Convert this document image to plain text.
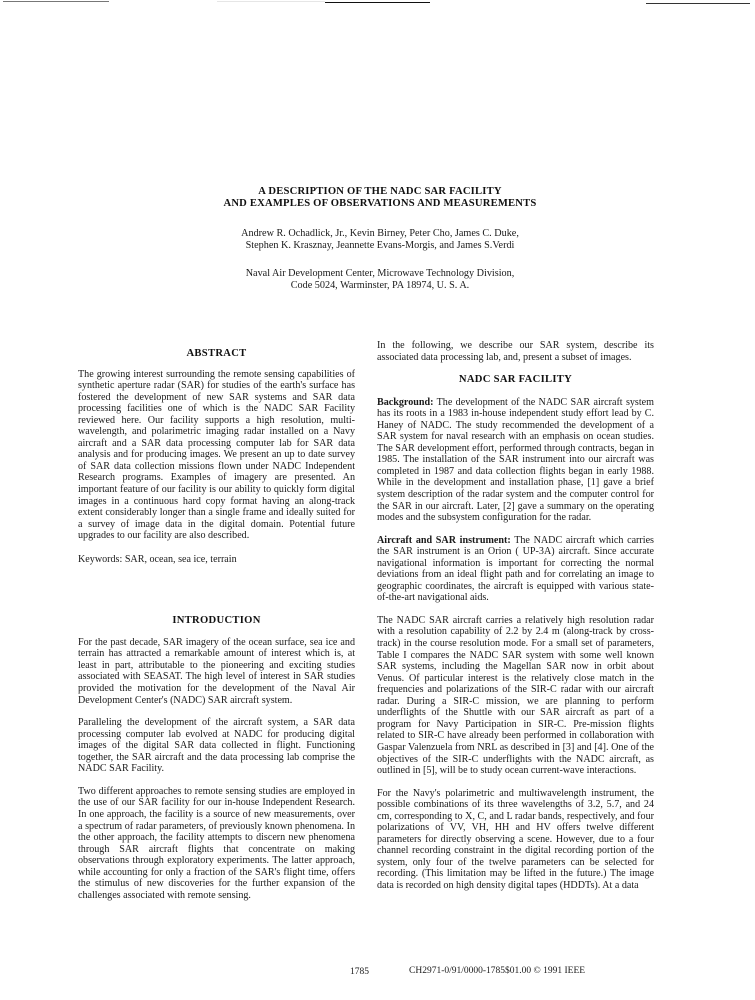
A DESCRIPTION OF THE NADC SAR FACILITY
AND EXAMPLES OF OBSERVATIONS AND MEASUREMENTS
Andrew R. Ochadlick, Jr., Kevin Birney, Peter Cho, James C. Duke,
Stephen K. Krasznay, Jeannette Evans-Morgis, and James S.Verdi
Naval Air Development Center, Microwave Technology Division,
Code 5024, Warminster, PA 18974, U. S. A.
ABSTRACT

The growing interest surrounding the remote sensing capabilities of synthetic aperture radar (SAR) for studies of the earth's surface has fostered the development of new SAR systems and SAR data processing facilities one of which is the NADC SAR Facility reviewed here. Our facility supports a high resolution, multi-wavelength, and polarimetric imaging radar installed on a Navy aircraft and a SAR data processing computer lab for SAR data analysis and for producing images. We present an up to date survey of SAR data collection missions flown under NADC Independent Research programs. Examples of imagery are presented. An important feature of our facility is our ability to quickly form digital images in a continuous hard copy format having an along-track extent considerably longer than a single frame and ideally suited for a survey of image data in the digital domain. Potential future upgrades to our facility are also described.

Keywords: SAR, ocean, sea ice, terrain

INTRODUCTION

For the past decade, SAR imagery of the ocean surface, sea ice and terrain has attracted a remarkable amount of interest which is, at least in part, attributable to the pioneering and exciting studies associated with SEASAT. The high level of interest in SAR studies provided the motivation for the development of the Naval Air Development Center's (NADC) SAR aircraft system.

Paralleling the development of the aircraft system, a SAR data processing computer lab evolved at NADC for producing digital images of the digital SAR data collected in flight. Functioning together, the SAR aircraft and the data processing lab comprise the NADC SAR Facility.

Two different approaches to remote sensing studies are employed in the use of our SAR facility for our in-house Independent Research. In one approach, the facility is a source of new measurements, over a spectrum of radar parameters, of previously known phenomena. In the other approach, the facility attempts to discern new phenomena through SAR aircraft flights that concentrate on making observations through exploratory experiments. The latter approach, while accounting for only a fraction of the SAR's flight time, offers the stimulus of new discoveries for the further expansion of the challenges associated with remote sensing.

In the following, we describe our SAR system, describe its associated data processing lab, and, present a subset of images.

NADC SAR FACILITY

Background: The development of the NADC SAR aircraft system has its roots in a 1983 in-house independent study effort lead by C. Haney of NADC. The study recommended the development of a SAR system for naval research with an emphasis on ocean studies. The SAR development effort, performed through contracts, began in 1985. The installation of the SAR instrument into our aircraft was completed in 1987 and data collection flights began in early 1988. While in the development and installation phase, [1] gave a brief system description of the radar system and the computer control for the SAR in our aircraft. Later, [2] gave a summary on the operating modes and the subsystem configuration for the radar.

Aircraft and SAR instrument: The NADC aircraft which carries the SAR instrument is an Orion ( UP-3A) aircraft. Since accurate navigational information is important for correcting the normal deviations from an ideal flight path and for correlating an image to geographic coordinates, the aircraft is equipped with various state-of-the-art navigational aids.

The NADC SAR aircraft carries a relatively high resolution radar with a resolution capability of 2.2 by 2.4 m (along-track by cross-track) in the course resolution mode. For a small set of parameters, Table I compares the NADC SAR system with some well known SAR systems, including the Magellan SAR now in orbit about Venus. Of particular interest is the relatively close match in the frequencies and polarizations of the SIR-C radar with our aircraft radar. During a SIR-C mission, we are planning to perform underflights of the Shuttle with our SAR aircraft as part of a program for Navy Participation in SIR-C. Pre-mission flights related to SIR-C have already been performed in collaboration with Gaspar Valenzuela from NRL as described in [3] and [4]. One of the objectives of the SIR-C underflights with the NADC aircraft, as outlined in [5], will be to study ocean current-wave interactions.

For the Navy's polarimetric and multiwavelength instrument, the possible combinations of its three wavelengths of 3.2, 5.7, and 24 cm, corresponding to X, C, and L radar bands, respectively, and four polarizations of VV, VH, HH and HV offers twelve different parameters for directly observing a scene. However, due to a four channel recording constraint in the digital recording portion of the system, only four of the twelve parameters can be selected for recording. (This limitation may be lifted in the future.) The image data is recorded on high density digital tapes (HDDTs). At a data

1785	CH2971-0/91/0000-1785$01.00 © 1991 IEEE
